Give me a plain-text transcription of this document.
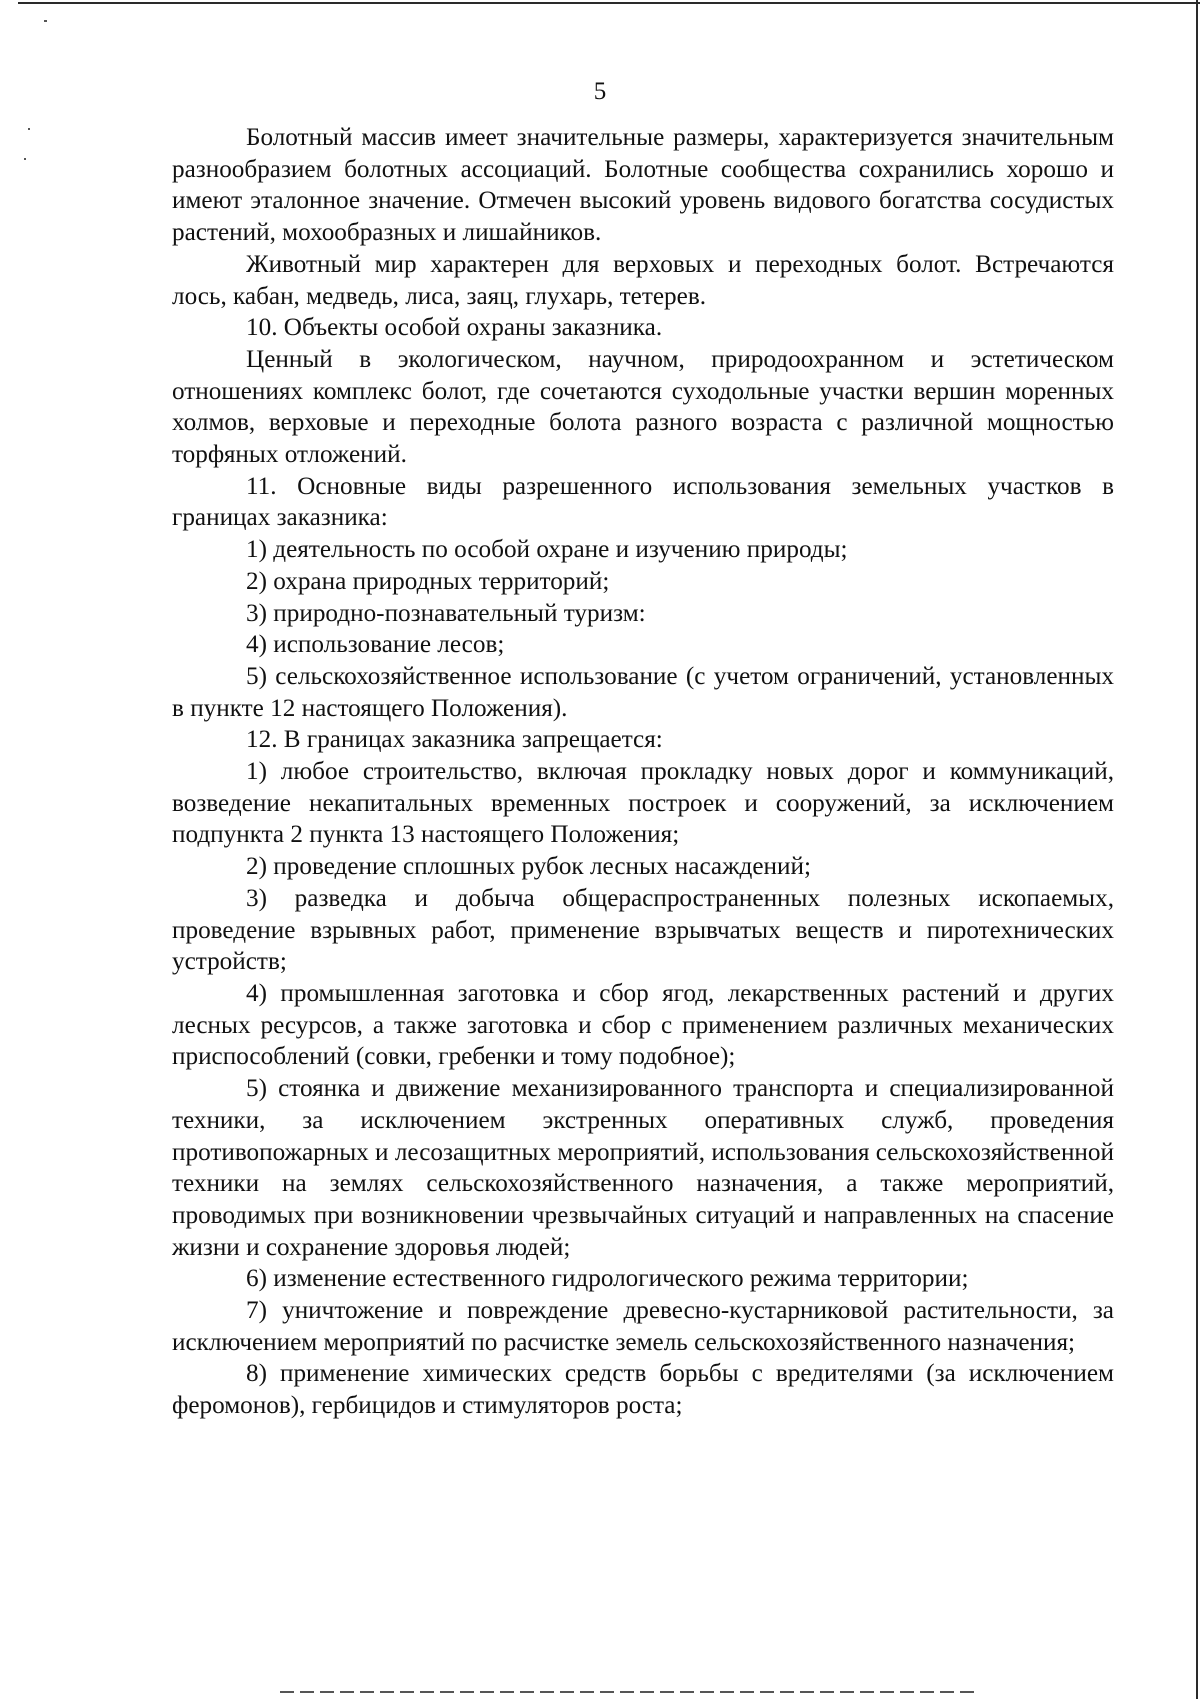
5

Болотный массив имеет значительные размеры, характеризуется значительным разнообразием болотных ассоциаций. Болотные сообщества сохранились хорошо и имеют эталонное значение. Отмечен высокий уровень видового богатства сосудистых растений, мохообразных и лишайников.

Животный мир характерен для верховых и переходных болот. Встречаются лось, кабан, медведь, лиса, заяц, глухарь, тетерев.

10. Объекты особой охраны заказника.

Ценный в экологическом, научном, природоохранном и эстетическом отношениях комплекс болот, где сочетаются суходольные участки вершин моренных холмов, верховые и переходные болота разного возраста с различной мощностью торфяных отложений.

11. Основные виды разрешенного использования земельных участков в границах заказника:

1) деятельность по особой охране и изучению природы;

2) охрана природных территорий;

3) природно-познавательный туризм:

4) использование лесов;

5) сельскохозяйственное использование (с учетом ограничений, установленных в пункте 12 настоящего Положения).

12. В границах заказника запрещается:

1) любое строительство, включая прокладку новых дорог и коммуникаций, возведение некапитальных временных построек и сооружений, за исключением подпункта 2 пункта 13 настоящего Положения;

2) проведение сплошных рубок лесных насаждений;

3) разведка и добыча общераспространенных полезных ископаемых, проведение взрывных работ, применение взрывчатых веществ и пиротехнических устройств;

4) промышленная заготовка и сбор ягод, лекарственных растений и других лесных ресурсов, а также заготовка и сбор с применением различных механических приспособлений (совки, гребенки и тому подобное);

5) стоянка и движение механизированного транспорта и специализированной техники, за исключением экстренных оперативных служб, проведения противопожарных и лесозащитных мероприятий, использования сельскохозяйственной техники на землях сельскохозяйственного назначения, а также мероприятий, проводимых при возникновении чрезвычайных ситуаций и направленных на спасение жизни и сохранение здоровья людей;

6) изменение естественного гидрологического режима территории;

7) уничтожение и повреждение древесно-кустарниковой растительности, за исключением мероприятий по расчистке земель сельскохозяйственного назначения;

8) применение химических средств борьбы с вредителями (за исключением феромонов), гербицидов и стимуляторов роста;
